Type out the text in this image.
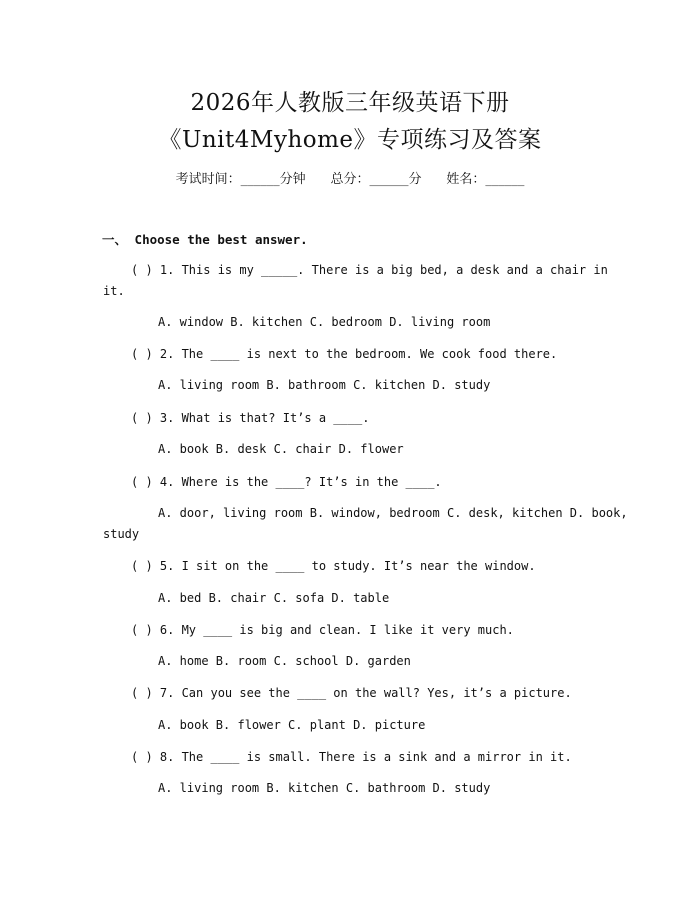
2026年人教版三年级英语下册
《Unit4Myhome》专项练习及答案
考试时间：______分钟 总分：______分 姓名：______
一、 Choose the best answer.
( ) 1. This is my _____. There is a big bed, a desk and a chair in
it.
A. window B. kitchen C. bedroom D. living room
( ) 2. The ____ is next to the bedroom. We cook food there.
A. living room B. bathroom C. kitchen D. study
( ) 3. What is that? It’s a ____.
A. book B. desk C. chair D. flower
( ) 4. Where is the ____? It’s in the ____.
A. door, living room B. window, bedroom C. desk, kitchen D. book,
study
( ) 5. I sit on the ____ to study. It’s near the window.
A. bed B. chair C. sofa D. table
( ) 6. My ____ is big and clean. I like it very much.
A. home B. room C. school D. garden
( ) 7. Can you see the ____ on the wall? Yes, it’s a picture.
A. book B. flower C. plant D. picture
( ) 8. The ____ is small. There is a sink and a mirror in it.
A. living room B. kitchen C. bathroom D. study
